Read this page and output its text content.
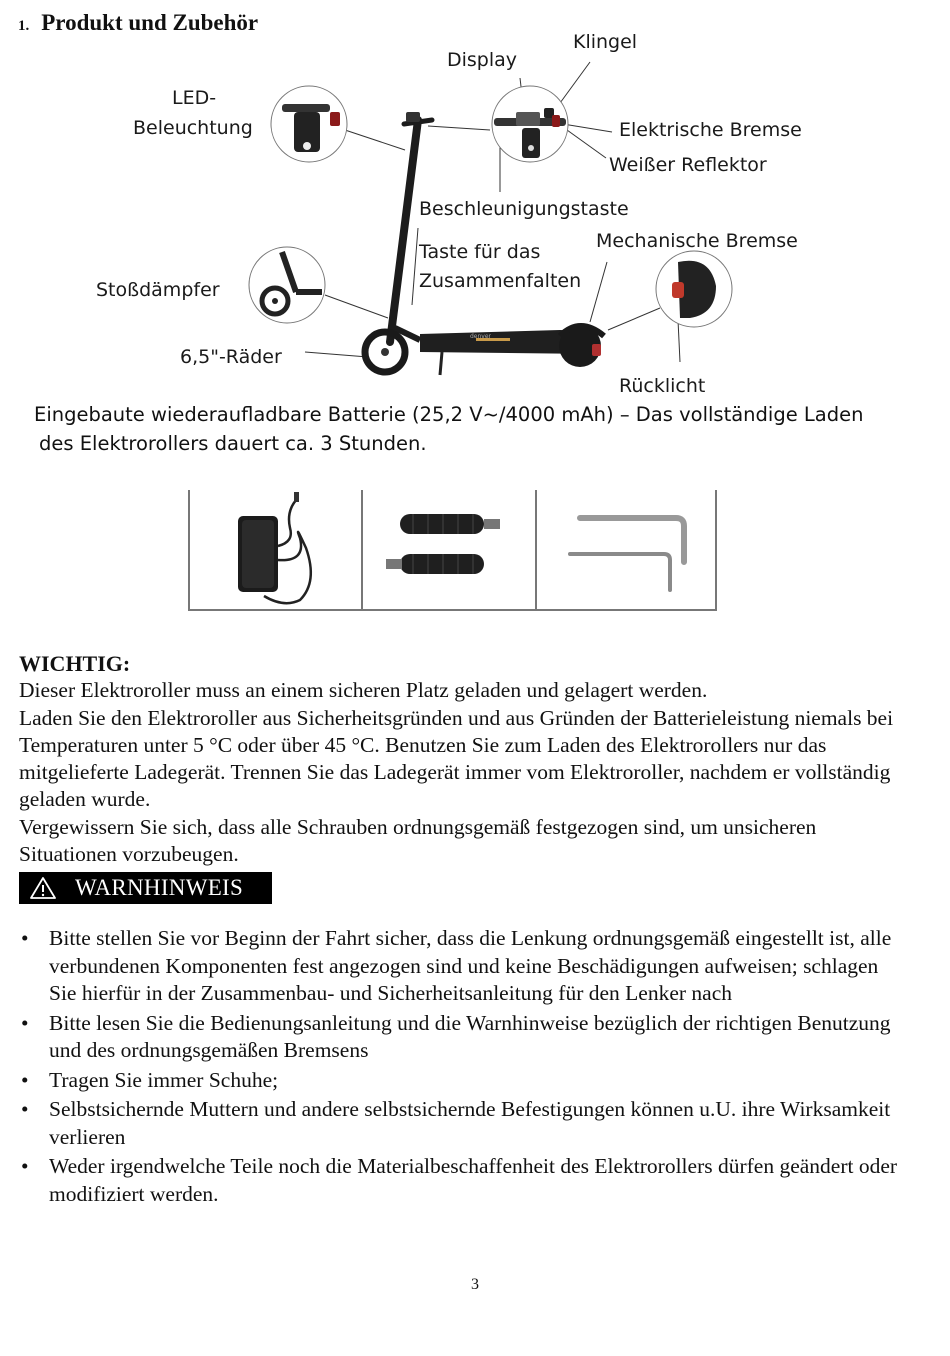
1. Produkt und Zubehör
denver
LED-
Beleuchtung
Display
Klingel
Elektrische Bremse
Weißer Reflektor
Beschleunigungstaste
Mechanische Bremse
Taste für das
Zusammenfalten
Stoßdämpfer
6,5"-Räder
Rücklicht
Eingebaute wiederaufladbare Batterie (25,2 V~/4000 mAh) – Das vollständige Laden
des Elektrorollers dauert ca. 3 Stunden.

WICHTIG:

Dieser Elektroroller muss an einem sicheren Platz geladen und gelagert werden.

Laden Sie den Elektroroller aus Sicherheitsgründen und aus Gründen der Batterieleistung niemals bei Temperaturen unter 5 °C oder über 45 °C. Benutzen Sie zum Laden des Elektrorollers nur das mitgelieferte Ladegerät. Trennen Sie das Ladegerät immer vom Elektroroller, nachdem er vollständig geladen wurde.

Vergewissern Sie sich, dass alle Schrauben ordnungsgemäß festgezogen sind, um unsicheren Situationen vorzubeugen.

WARNHINWEIS
• Bitte stellen Sie vor Beginn der Fahrt sicher, dass die Lenkung ordnungsgemäß eingestellt ist, alle verbundenen Komponenten fest angezogen sind und keine Beschädigungen aufweisen; schlagen Sie hierfür in der Zusammenbau- und Sicherheitsanleitung für den Lenker nach
• Bitte lesen Sie die Bedienungsanleitung und die Warnhinweise bezüglich der richtigen Benutzung und des ordnungsgemäßen Bremsens
• Tragen Sie immer Schuhe;
• Selbstsichernde Muttern und andere selbstsichernde Befestigungen können u.U. ihre Wirksamkeit verlieren
• Weder irgendwelche Teile noch die Materialbeschaffenheit des Elektrorollers dürfen geändert oder modifiziert werden.
3
